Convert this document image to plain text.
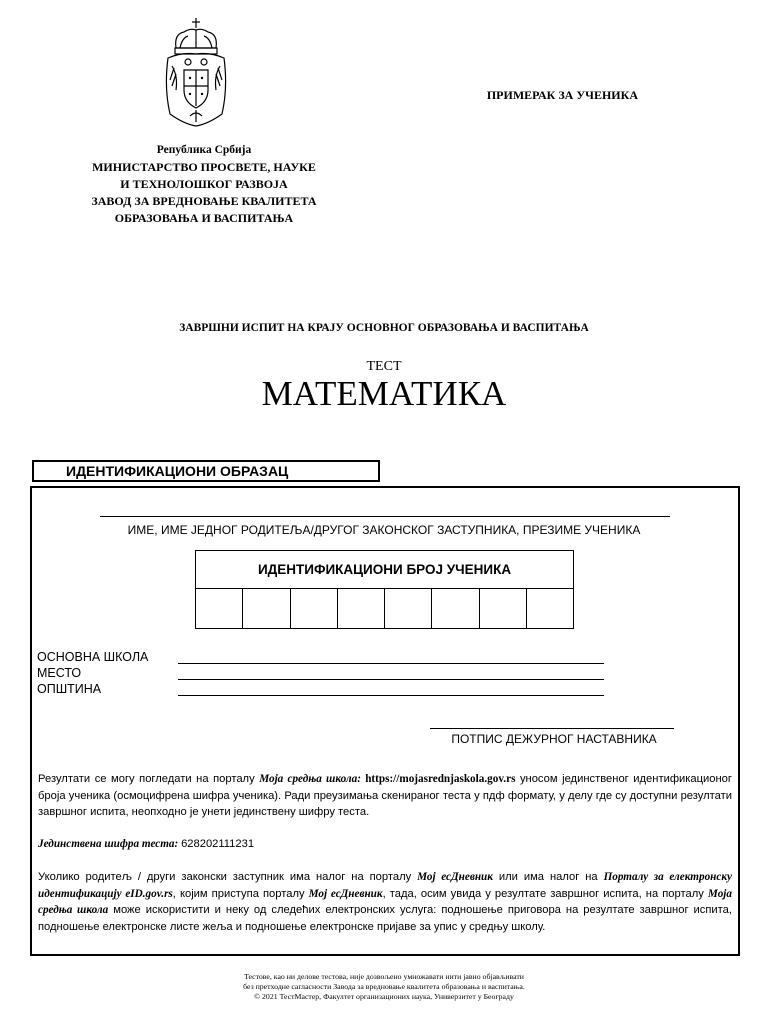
Република Србија
МИНИСТАРСТВО ПРОСВЕТЕ, НАУКЕ
И ТЕХНОЛОШКОГ РАЗВОЈА
ЗАВОД ЗА ВРЕДНОВАЊЕ КВАЛИТЕТА
ОБРАЗОВАЊА И ВАСПИТАЊА
ПРИМЕРАК ЗА УЧЕНИКА
ЗАВРШНИ ИСПИТ НА КРАЈУ ОСНОВНОГ ОБРАЗОВАЊА И ВАСПИТАЊА
ТЕСТ
МАТЕМАТИКА
ИДЕНТИФИКАЦИОНИ ОБРАЗАЦ
ИМЕ, ИМЕ ЈЕДНОГ РОДИТЕЉА/ДРУГОГ ЗАКОНСКОГ ЗАСТУПНИКА, ПРЕЗИМЕ УЧЕНИКА
ИДЕНТИФИКАЦИОНИ БРОЈ УЧЕНИКА
ОСНОВНА ШКОЛА
МЕСТО
ОПШТИНА
ПОТПИС ДЕЖУРНОГ НАСТАВНИКА
Резултати се могу погледати на порталу Моја средња школа: https://mojasrednjaskola.gov.rs уносом јединственог идентификационог броја ученика (осмоцифрена шифра ученика). Ради преузимања скенираног теста у пдф формату, у делу где су доступни резултати завршног испита, неопходно је унети јединствену шифру теста.
Јединствена шифра теста: 628202111231
Уколико родитељ / други законски заступник има налог на порталу Мој есДневник или има налог на Порталу за електронску идентификацију eID.gov.rs, којим приступа порталу Мој есДневник, тада, осим увида у резултате завршног испита, на порталу Моја средња школа може искористити и неку од следећих електронских услуга: подношење приговора на резултате завршног испита, подношење електронске листе жеља и подношење електронске пријаве за упис у средњу школу.
Тестове, као ни делове тестова, није дозвољено умножавати нити јавно објављивати
без претходне сагласности Завода за вредновање квалитета образовања и васпитања.
© 2021 ТестМастер, Факултет организационих наука, Универзитет у Београду
